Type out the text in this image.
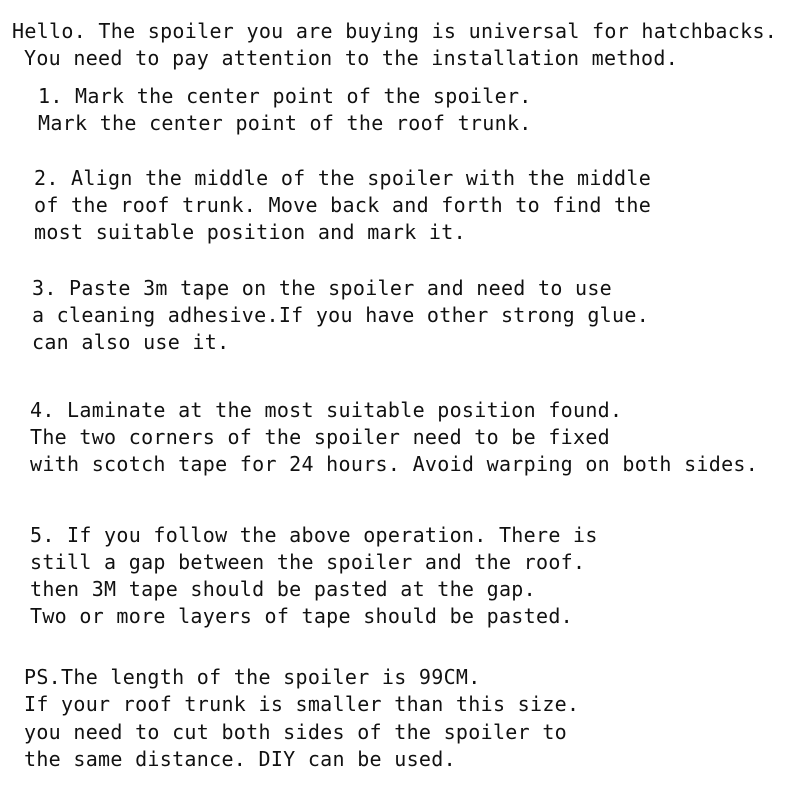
Hello. The spoiler you are buying is universal for hatchbacks.

You need to pay attention to the installation method.

1. Mark the center point of the spoiler.

Mark the center point of the roof trunk.

2. Align the middle of the spoiler with the middle

of the roof trunk. Move back and forth to find the

most suitable position and mark it.

3. Paste 3m tape on the spoiler and need to use

a cleaning adhesive.If you have other strong glue.

can also use it.

4. Laminate at the most suitable position found.

The two corners of the spoiler need to be fixed

with scotch tape for 24 hours. Avoid warping on both sides.

5. If you follow the above operation. There is

still a gap between the spoiler and the roof.

then 3M tape should be pasted at the gap.

Two or more layers of tape should be pasted.

PS.The length of the spoiler is 99CM.

If your roof trunk is smaller than this size.

you need to cut both sides of the spoiler to

the same distance. DIY can be used.
